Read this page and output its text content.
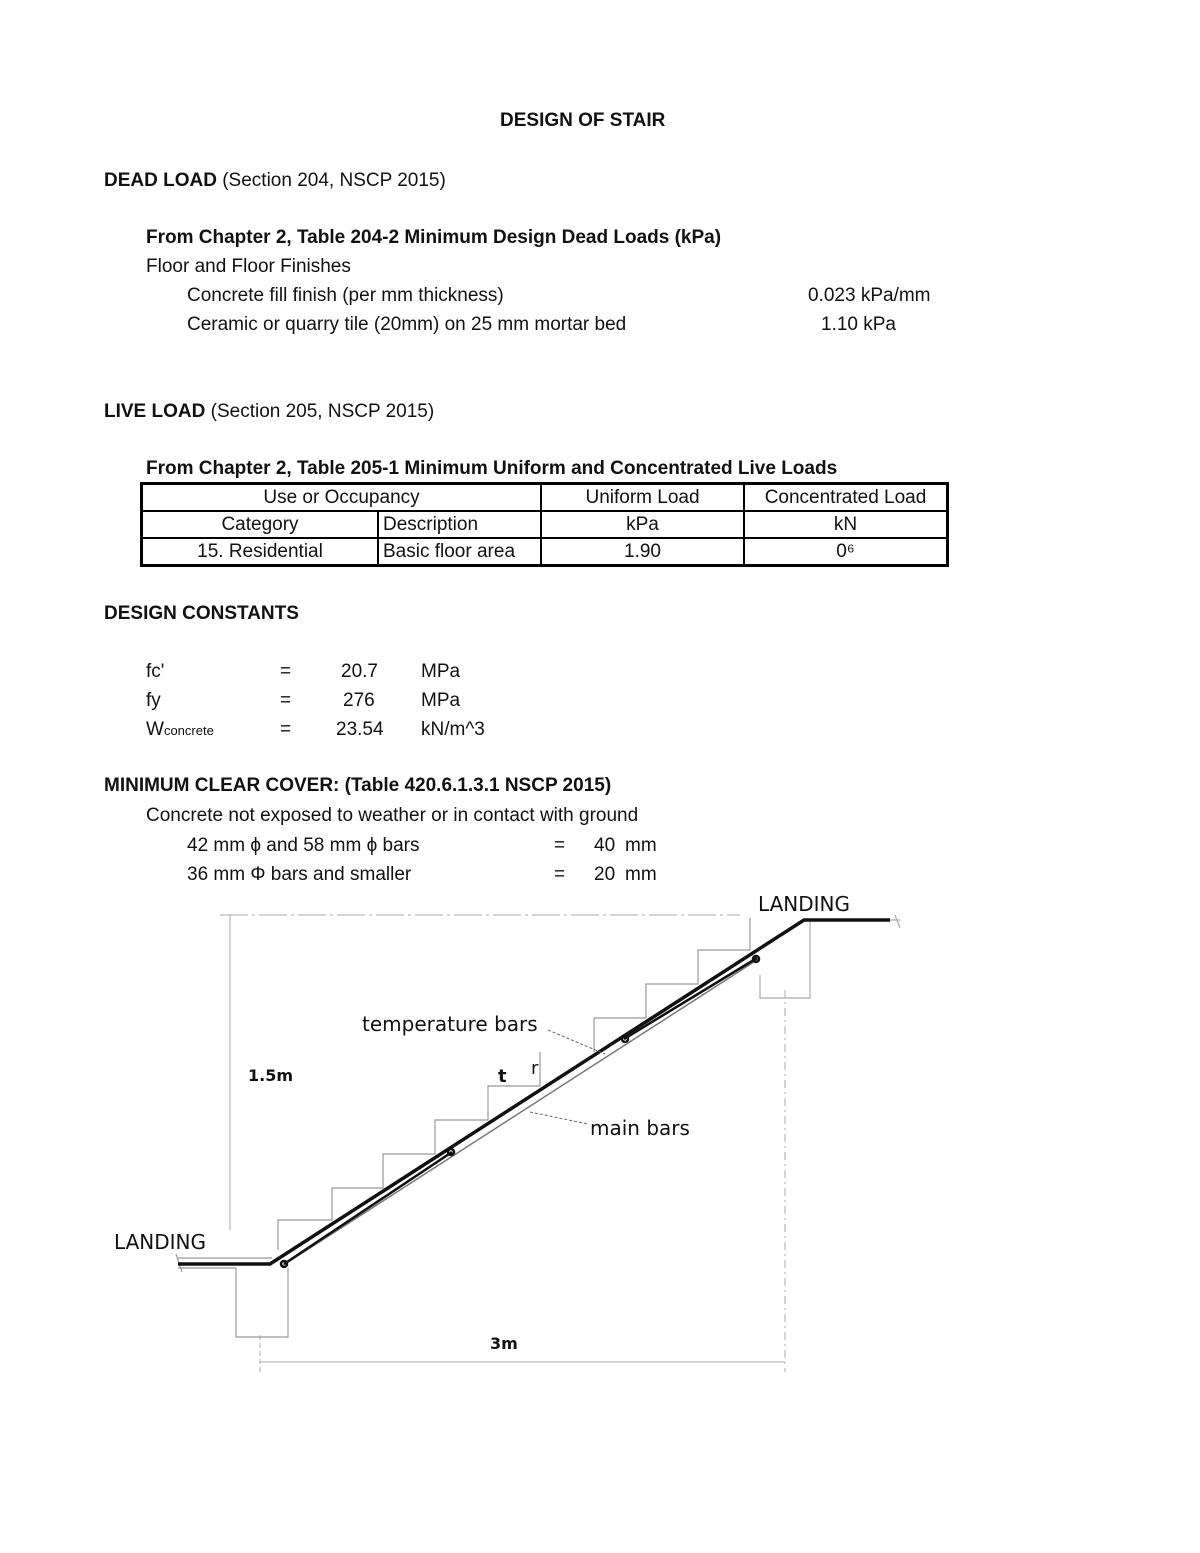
DESIGN OF STAIR
DEAD LOAD (Section 204, NSCP 2015)
From Chapter 2, Table 204-2 Minimum Design Dead Loads (kPa)
Floor and Floor Finishes
Concrete fill finish (per mm thickness)	0.023 kPa/mm
Ceramic or quarry tile (20mm) on 25 mm mortar bed	1.10 kPa
LIVE LOAD (Section 205, NSCP 2015)
From Chapter 2, Table 205-1 Minimum Uniform and Concentrated Live Loads
Use or Occupancy		Uniform Load	Concentrated Load
Category	Description	kPa	kN
15. Residential	Basic floor area	1.90	0⁶
DESIGN CONSTANTS
fc'	=	20.7 MPa
fy	=	276 MPa
Wconcrete	= 23.54 kN/m^3
MINIMUM CLEAR COVER: (Table 420.6.1.3.1 NSCP 2015)
Concrete not exposed to weather or in contact with ground
42 mm ϕ and 58 mm ϕ bars	= 40 mm
36 mm Φ bars and smaller	= 20 mm
LANDING
LANDING
temperature bars
main bars
1.5m
3m
t r
